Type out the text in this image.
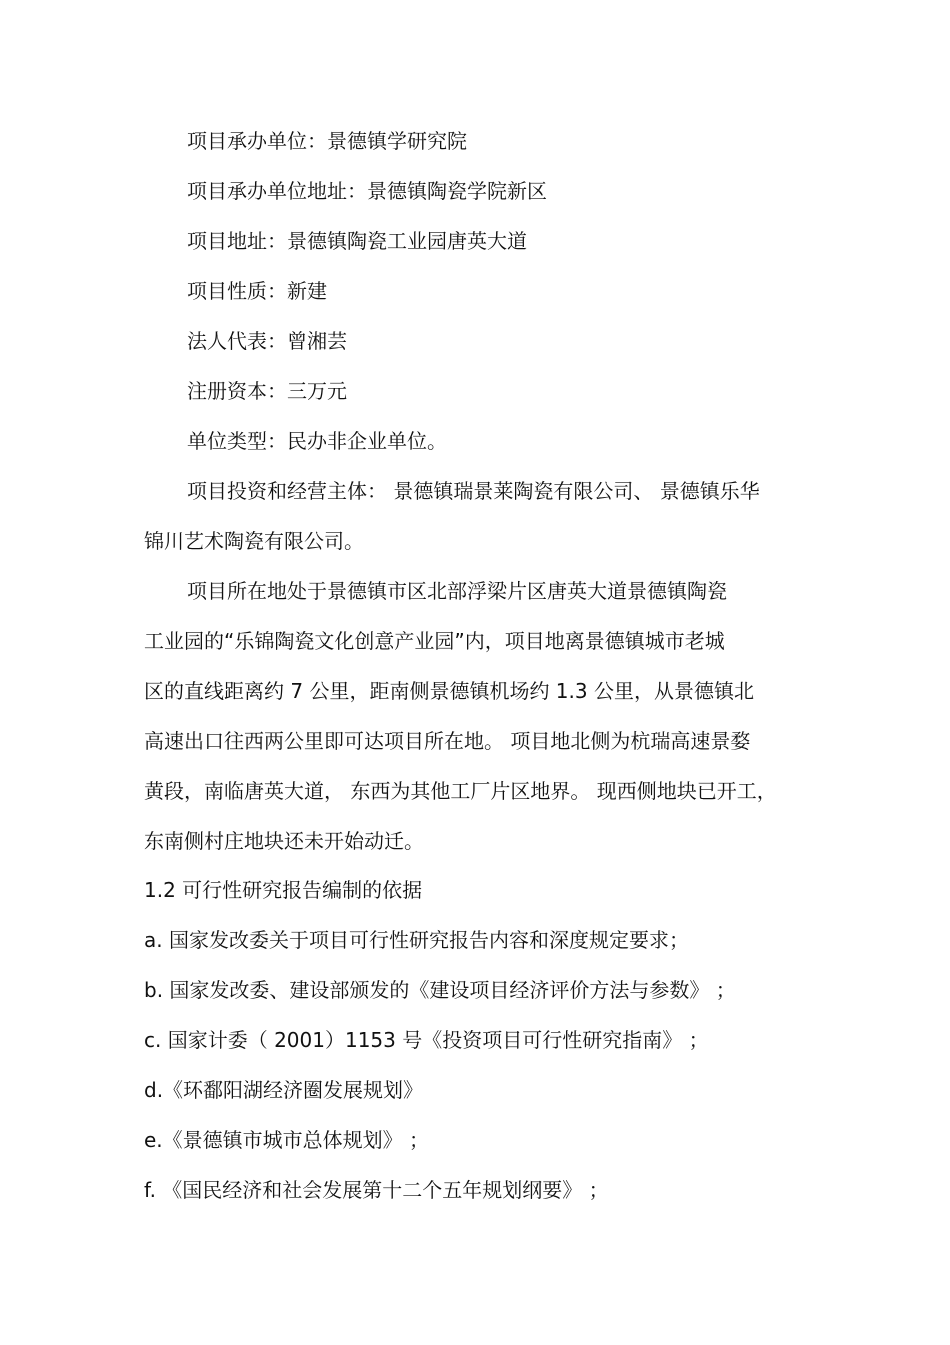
项目承办单位：景德镇学研究院
项目承办单位地址：景德镇陶瓷学院新区
项目地址：景德镇陶瓷工业园唐英大道
项目性质：新建
法人代表：曾湘芸
注册资本：三万元
单位类型：民办非企业单位。
项目投资和经营主体： 景德镇瑞景莱陶瓷有限公司、 景德镇乐华
锦川艺术陶瓷有限公司。
项目所在地处于景德镇市区北部浮梁片区唐英大道景德镇陶瓷
工业园的“乐锦陶瓷文化创意产业园”内，项目地离景德镇城市老城
区的直线距离约 7 公里，距南侧景德镇机场约 1.3 公里，从景德镇北
高速出口往西两公里即可达项目所在地。 项目地北侧为杭瑞高速景婺
黄段，南临唐英大道， 东西为其他工厂片区地界。 现西侧地块已开工，
东南侧村庄地块还未开始动迁。
1.2 可行性研究报告编制的依据
a. 国家发改委关于项目可行性研究报告内容和深度规定要求；
b. 国家发改委、建设部颁发的《建设项目经济评价方法与参数》 ；
c. 国家计委（ 2001）1153 号《投资项目可行性研究指南》 ；
d.《环鄱阳湖经济圈发展规划》
e.《景德镇市城市总体规划》 ；
f. 《国民经济和社会发展第十二个五年规划纲要》 ；
